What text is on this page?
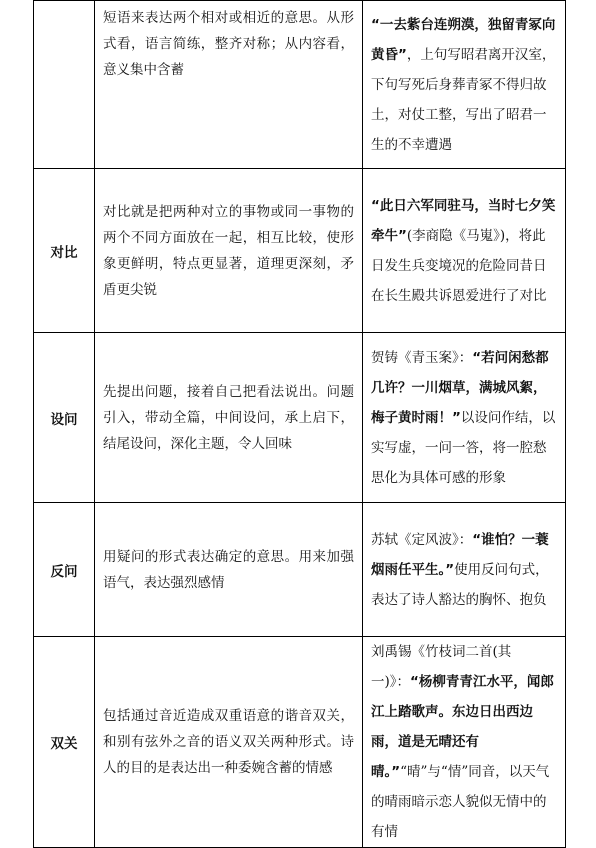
	短语来表达两个相对或相近的意思。从形式看，语言简练，整齐对称；从内容看，意义集中含蓄	“一去紫台连朔漠，独留青冢向黄昏”，上句写昭君离开汉室，下句写死后身葬青冢不得归故土，对仗工整，写出了昭君一生的不幸遭遇
对比	对比就是把两种对立的事物或同一事物的两个不同方面放在一起，相互比较，使形象更鲜明，特点更显著，道理更深刻，矛盾更尖锐	“此日六军同驻马，当时七夕笑牵牛”(李商隐《马嵬》)，将此日发生兵变境况的危险同昔日在长生殿共诉恩爱进行了对比
设问	先提出问题，接着自己把看法说出。问题引入，带动全篇，中间设问，承上启下，结尾设问，深化主题，令人回味	贺铸《青玉案》：“若问闲愁都几许？一川烟草，满城风絮，梅子黄时雨！”以设问作结，以实写虚，一问一答，将一腔愁思化为具体可感的形象
反问	用疑问的形式表达确定的意思。用来加强语气，表达强烈感情	苏轼《定风波》：“谁怕？一蓑烟雨任平生。”使用反问句式，表达了诗人豁达的胸怀、抱负
双关	包括通过音近造成双重语意的谐音双关，和别有弦外之音的语义双关两种形式。诗人的目的是表达出一种委婉含蓄的情感	刘禹锡《竹枝词二首(其一)》：“杨柳青青江水平，闻郎江上踏歌声。东边日出西边雨，道是无晴还有晴。”“晴”与“情”同音，以天气的晴雨暗示恋人貌似无情中的有情
